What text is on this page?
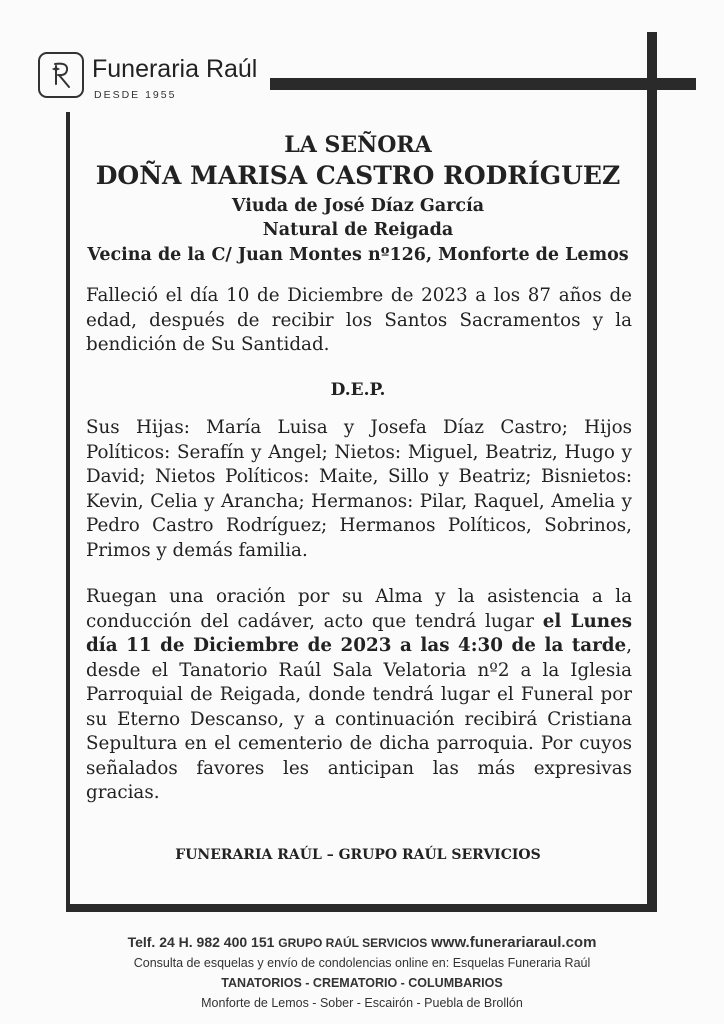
Funeraria Raúl
DESDE 1955
LA SEÑORA
DOÑA MARISA CASTRO RODRÍGUEZ
Viuda de José Díaz García
Natural de Reigada
Vecina de la C/ Juan Montes nº126, Monforte de Lemos

Falleció el día 10 de Diciembre de 2023 a los 87 años de edad, después de recibir los Santos Sacramentos y la bendición de Su Santidad.

D.E.P.

Sus Hijas: María Luisa y Josefa Díaz Castro; Hijos Políticos: Serafín y Angel; Nietos: Miguel, Beatriz, Hugo y David; Nietos Políticos: Maite, Sillo y Beatriz; Bisnietos: Kevin, Celia y Arancha; Hermanos: Pilar, Raquel, Amelia y Pedro Castro Rodríguez; Hermanos Políticos, Sobrinos, Primos y demás familia.

Ruegan una oración por su Alma y la asistencia a la conducción del cadáver, acto que tendrá lugar el Lunes día 11 de Diciembre de 2023 a las 4:30 de la tarde, desde el Tanatorio Raúl Sala Velatoria nº2 a la Iglesia Parroquial de Reigada, donde tendrá lugar el Funeral por su Eterno Descanso, y a continuación recibirá Cristiana Sepultura en el cementerio de dicha parroquia. Por cuyos señalados favores les anticipan las más expresivas gracias.

FUNERARIA RAÚL – GRUPO RAÚL SERVICIOS
Telf. 24 H. 982 400 151 GRUPO RAÚL SERVICIOS www.funerariaraul.com
Consulta de esquelas y envío de condolencias online en: Esquelas Funeraria Raúl
TANATORIOS - CREMATORIO - COLUMBARIOS
Monforte de Lemos - Sober - Escairón - Puebla de Brollón
